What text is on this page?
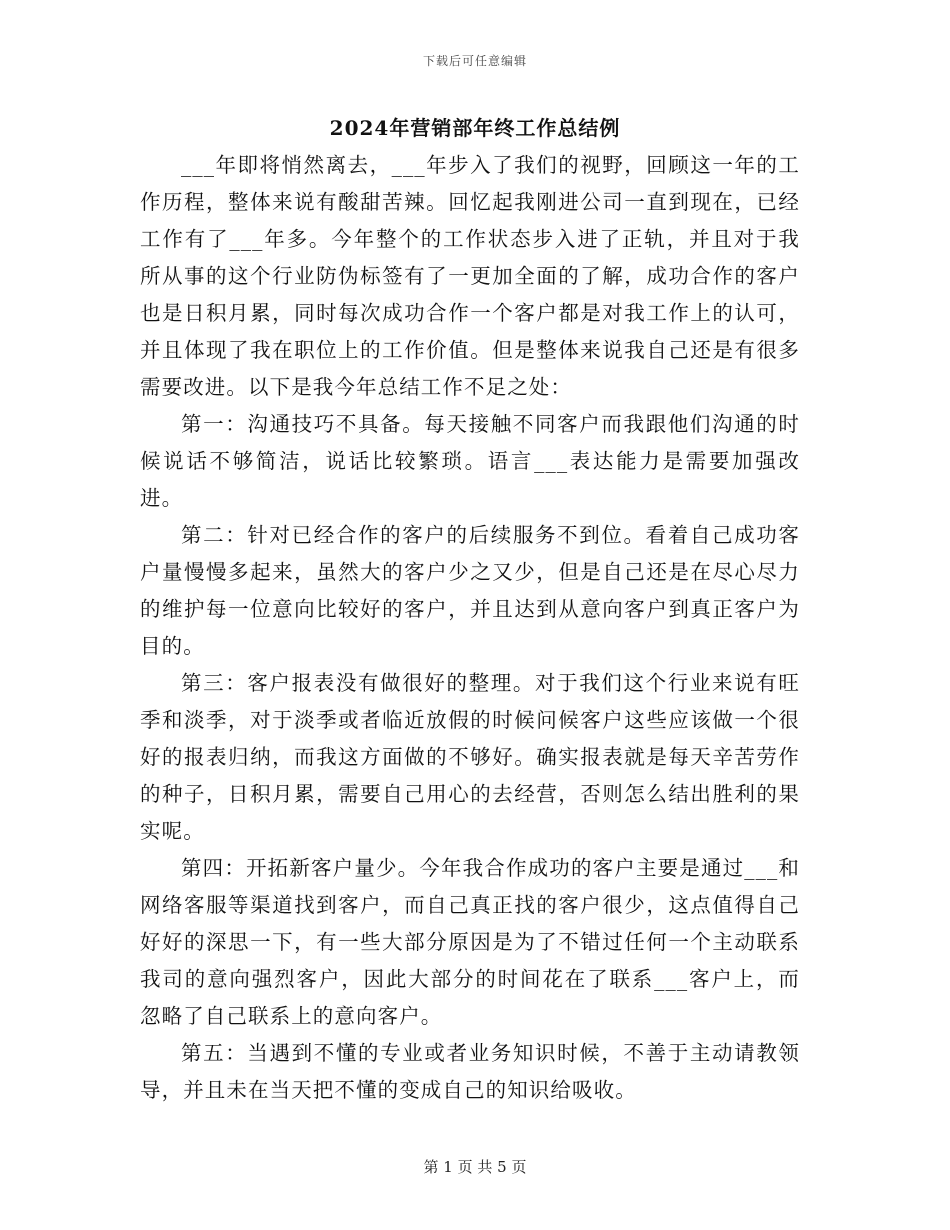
下载后可任意编辑
2024年营销部年终工作总结例

___年即将悄然离去，___年步入了我们的视野，回顾这一年的工作历程，整体来说有酸甜苦辣。回忆起我刚进公司一直到现在，已经工作有了___年多。今年整个的工作状态步入进了正轨，并且对于我所从事的这个行业防伪标签有了一更加全面的了解，成功合作的客户也是日积月累，同时每次成功合作一个客户都是对我工作上的认可，并且体现了我在职位上的工作价值。但是整体来说我自己还是有很多需要改进。以下是我今年总结工作不足之处：

第一：沟通技巧不具备。每天接触不同客户而我跟他们沟通的时候说话不够简洁，说话比较繁琐。语言___表达能力是需要加强改进。

第二：针对已经合作的客户的后续服务不到位。看着自己成功客户量慢慢多起来，虽然大的客户少之又少，但是自己还是在尽心尽力的维护每一位意向比较好的客户，并且达到从意向客户到真正客户为目的。

第三：客户报表没有做很好的整理。对于我们这个行业来说有旺季和淡季，对于淡季或者临近放假的时候问候客户这些应该做一个很好的报表归纳，而我这方面做的不够好。确实报表就是每天辛苦劳作的种子，日积月累，需要自己用心的去经营，否则怎么结出胜利的果实呢。

第四：开拓新客户量少。今年我合作成功的客户主要是通过___和网络客服等渠道找到客户，而自己真正找的客户很少，这点值得自己好好的深思一下，有一些大部分原因是为了不错过任何一个主动联系我司的意向强烈客户，因此大部分的时间花在了联系___客户上，而忽略了自己联系上的意向客户。

第五：当遇到不懂的专业或者业务知识时候，不善于主动请教领导，并且未在当天把不懂的变成自己的知识给吸收。

第 1 页 共 5 页
